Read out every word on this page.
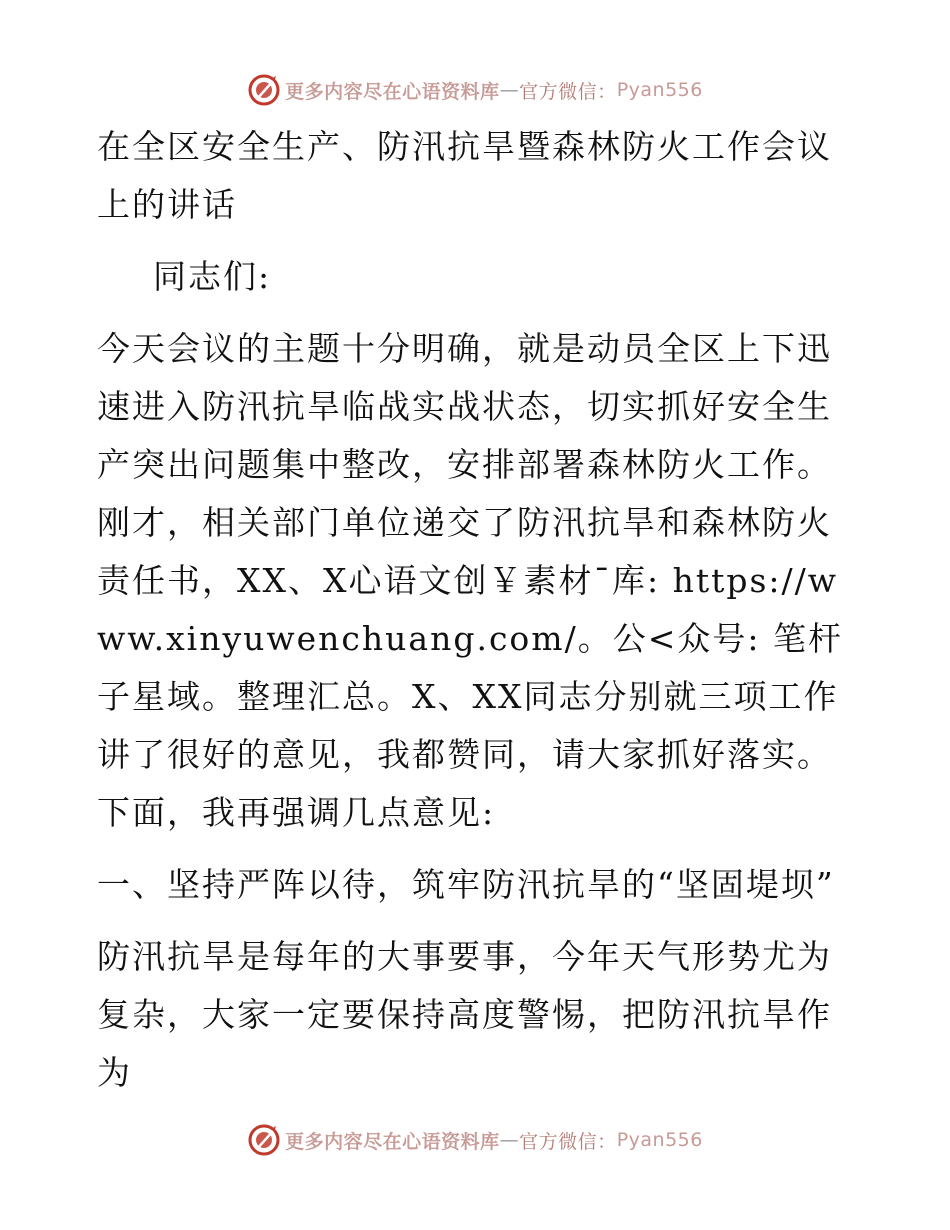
更多内容尽在心语资料库 — 官方微信： Pyan556

在全区安全生产、防汛抗旱暨森林防火工作会议上的讲话

同志们:

今天会议的主题十分明确，就是动员全区上下迅速进入防汛抗旱临战实战状态，切实抓好安全生产突出问题集中整改，安排部署森林防火工作。刚才，相关部门单位递交了防汛抗旱和森林防火责任书，XX、X心语文创￥素材¯库: https://www.xinyuwenchuang.com/。公<众号: 笔杆子星域。整理汇总。X、XX同志分别就三项工作讲了很好的意见，我都赞同，请大家抓好落实。下面，我再强调几点意见:

一、坚持严阵以待，筑牢防汛抗旱的“坚固堤坝”

防汛抗旱是每年的大事要事，今年天气形势尤为复杂，大家一定要保持高度警惕，把防汛抗旱作为

更多内容尽在心语资料库 — 官方微信： Pyan556
